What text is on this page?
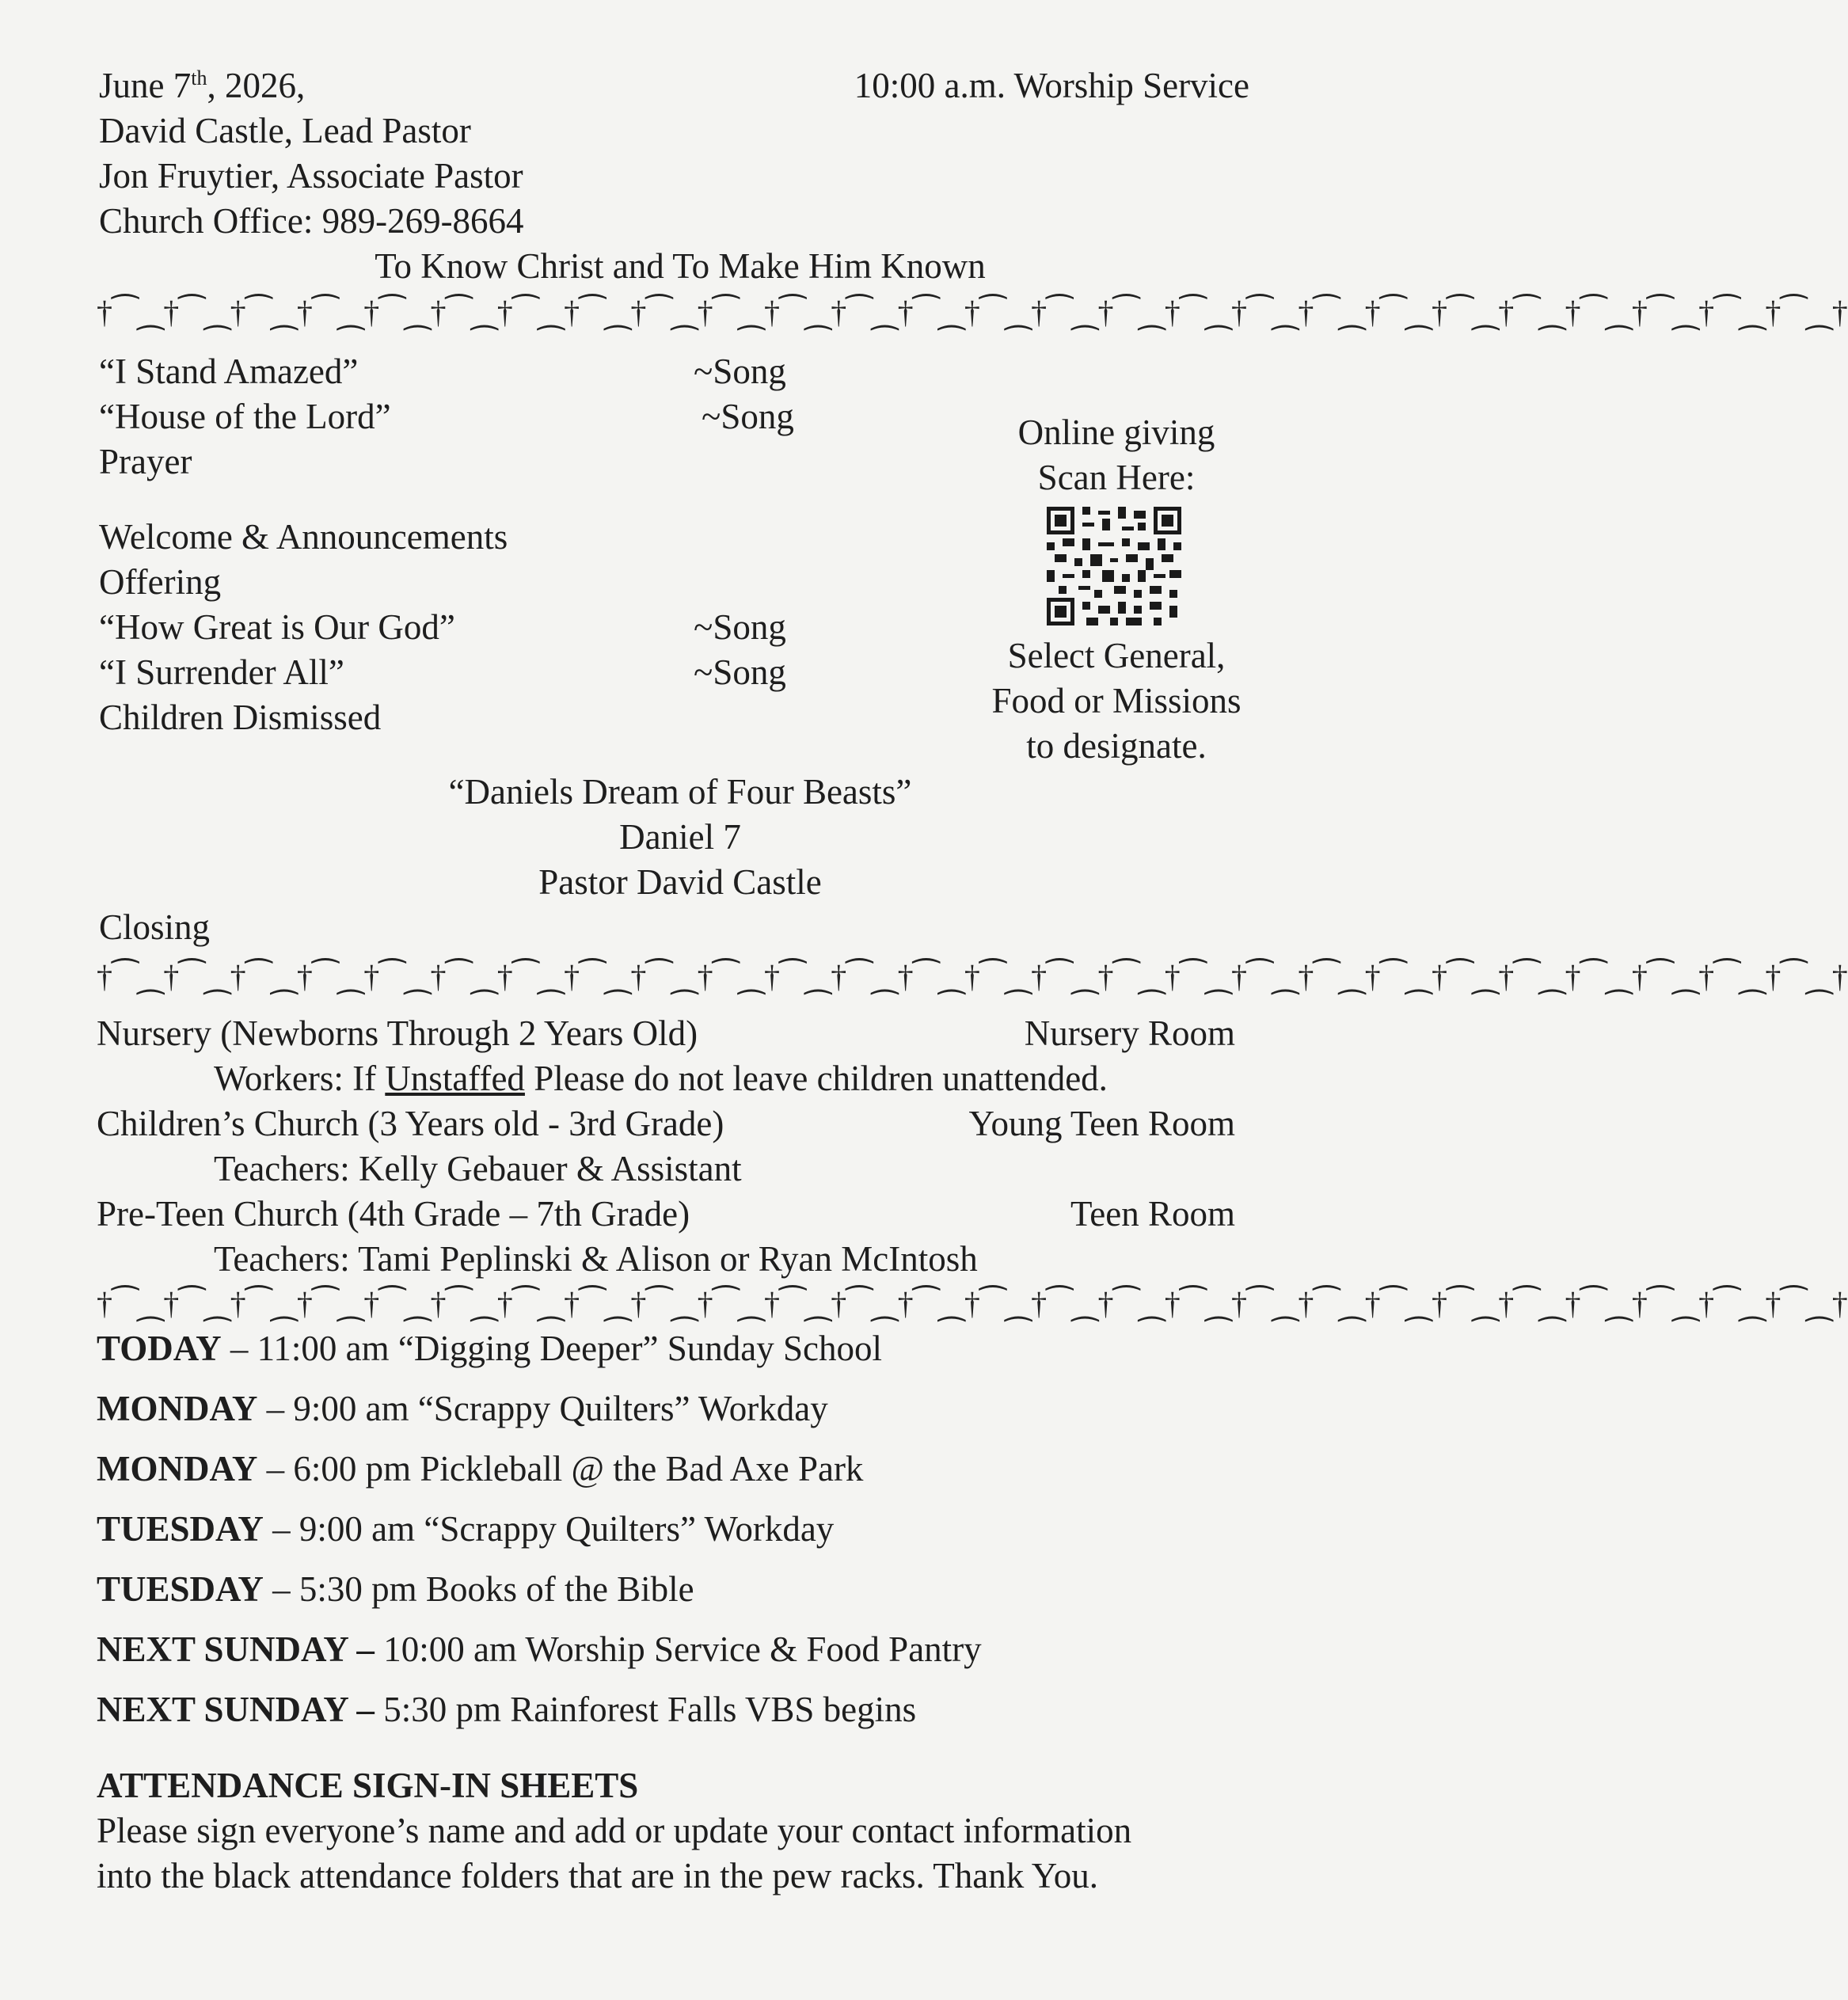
June 7th, 2026,	10:00 a.m. Worship Service
David Castle, Lead Pastor
Jon Fruytier, Associate Pastor
Church Office: 989-269-8664
To Know Christ and To Make Him Known
†⁀⁔†⁀⁔†⁀⁔†⁀⁔†⁀⁔†⁀⁔†⁀⁔†⁀⁔†⁀⁔†⁀⁔†⁀⁔†⁀⁔†⁀⁔†⁀⁔†⁀⁔†⁀⁔†⁀⁔†⁀⁔†⁀⁔†⁀⁔†⁀⁔†⁀⁔†⁀⁔†⁀⁔†⁀⁔†⁀⁔†
“I Stand Amazed”	~Song
“House of the Lord”	~Song
Prayer
Welcome & Announcements
Offering
“How Great is Our God”	~Song
“I Surrender All”	~Song
Children Dismissed
Online giving
Scan Here:
Select General,
Food or Missions
to designate.
“Daniels Dream of Four Beasts”
Daniel 7
Pastor David Castle
Closing
†⁀⁔†⁀⁔†⁀⁔†⁀⁔†⁀⁔†⁀⁔†⁀⁔†⁀⁔†⁀⁔†⁀⁔†⁀⁔†⁀⁔†⁀⁔†⁀⁔†⁀⁔†⁀⁔†⁀⁔†⁀⁔†⁀⁔†⁀⁔†⁀⁔†⁀⁔†⁀⁔†⁀⁔†⁀⁔†⁀⁔†
Nursery (Newborns Through 2 Years Old)	Nursery Room
Workers: If Unstaffed Please do not leave children unattended.
Children’s Church (3 Years old - 3rd Grade)	Young Teen Room
Teachers: Kelly Gebauer & Assistant
Pre-Teen Church (4th Grade – 7th Grade)	Teen Room
Teachers: Tami Peplinski & Alison or Ryan McIntosh
†⁀⁔†⁀⁔†⁀⁔†⁀⁔†⁀⁔†⁀⁔†⁀⁔†⁀⁔†⁀⁔†⁀⁔†⁀⁔†⁀⁔†⁀⁔†⁀⁔†⁀⁔†⁀⁔†⁀⁔†⁀⁔†⁀⁔†⁀⁔†⁀⁔†⁀⁔†⁀⁔†⁀⁔†⁀⁔†⁀⁔†
TODAY – 11:00 am “Digging Deeper” Sunday School
MONDAY – 9:00 am “Scrappy Quilters” Workday
MONDAY – 6:00 pm Pickleball @ the Bad Axe Park
TUESDAY – 9:00 am “Scrappy Quilters” Workday
TUESDAY – 5:30 pm Books of the Bible
NEXT SUNDAY – 10:00 am Worship Service & Food Pantry
NEXT SUNDAY – 5:30 pm Rainforest Falls VBS begins
ATTENDANCE SIGN-IN SHEETS
Please sign everyone’s name and add or update your contact information
into the black attendance folders that are in the pew racks. Thank You.
